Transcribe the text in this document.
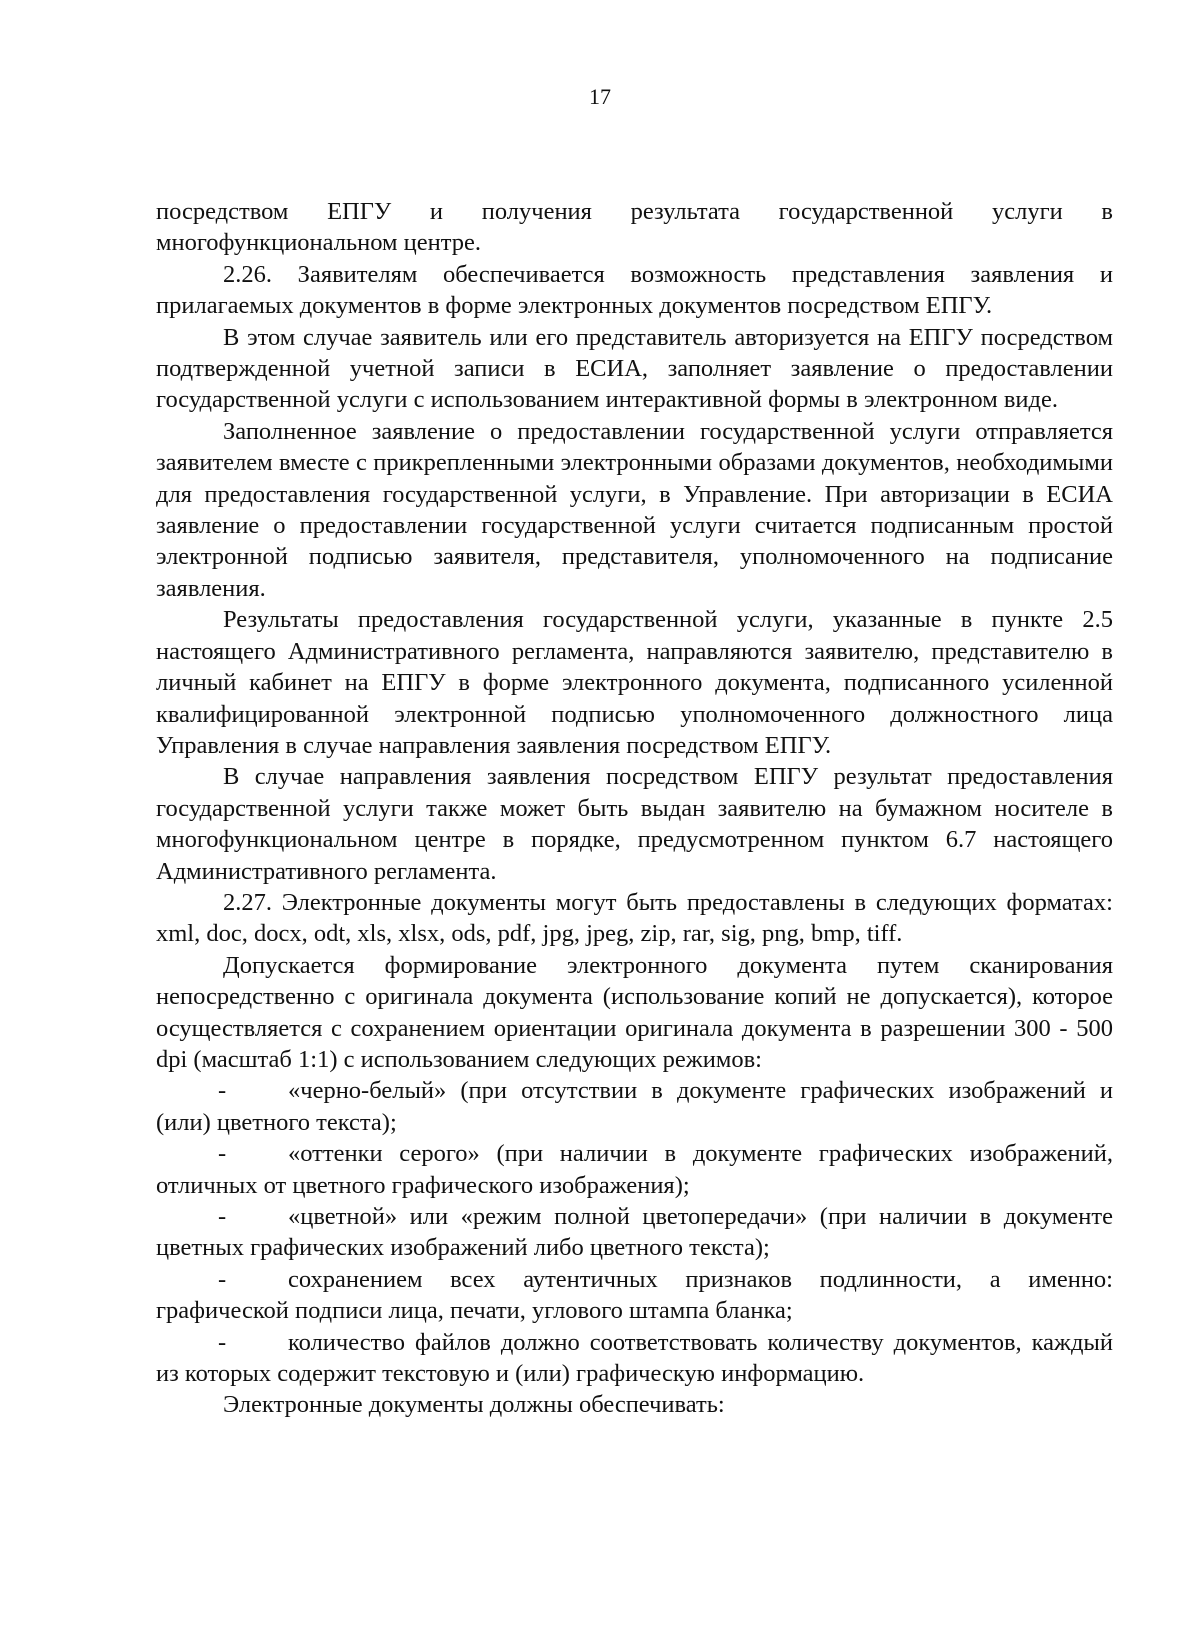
17

посредством ЕПГУ и получения результата государственной услуги в многофункциональном центре.

2.26. Заявителям обеспечивается возможность представления заявления и прилагаемых документов в форме электронных документов посредством ЕПГУ.

В этом случае заявитель или его представитель авторизуется на ЕПГУ посредством подтвержденной учетной записи в ЕСИА, заполняет заявление о предоставлении государственной услуги с использованием интерактивной формы в электронном виде.

Заполненное заявление о предоставлении государственной услуги отправляется заявителем вместе с прикрепленными электронными образами документов, необходимыми для предоставления государственной услуги, в Управление. При авторизации в ЕСИА заявление о предоставлении государственной услуги считается подписанным простой электронной подписью заявителя, представителя, уполномоченного на подписание заявления.

Результаты предоставления государственной услуги, указанные в пункте 2.5 настоящего Административного регламента, направляются заявителю, представителю в личный кабинет на ЕПГУ в форме электронного документа, подписанного усиленной квалифицированной электронной подписью уполномоченного должностного лица Управления в случае направления заявления посредством ЕПГУ.

В случае направления заявления посредством ЕПГУ результат предоставления государственной услуги также может быть выдан заявителю на бумажном носителе в многофункциональном центре в порядке, предусмотренном пунктом 6.7 настоящего Административного регламента.

2.27. Электронные документы могут быть предоставлены в следующих форматах: xml, doc, docx, odt, xls, xlsx, ods, pdf, jpg, jpeg, zip, rar, sig, png, bmp, tiff.

Допускается формирование электронного документа путем сканирования непосредственно с оригинала документа (использование копий не допускается), которое осуществляется с сохранением ориентации оригинала документа в разрешении 300 - 500 dpi (масштаб 1:1) с использованием следующих режимов:

-	«черно-белый» (при отсутствии в документе графических изображений и (или) цветного текста);

-	«оттенки серого» (при наличии в документе графических изображений, отличных от цветного графического изображения);

-	«цветной» или «режим полной цветопередачи» (при наличии в документе цветных графических изображений либо цветного текста);

-	сохранением всех аутентичных признаков подлинности, а именно: графической подписи лица, печати, углового штампа бланка;

-	количество файлов должно соответствовать количеству документов, каждый из которых содержит текстовую и (или) графическую информацию.

Электронные документы должны обеспечивать:
